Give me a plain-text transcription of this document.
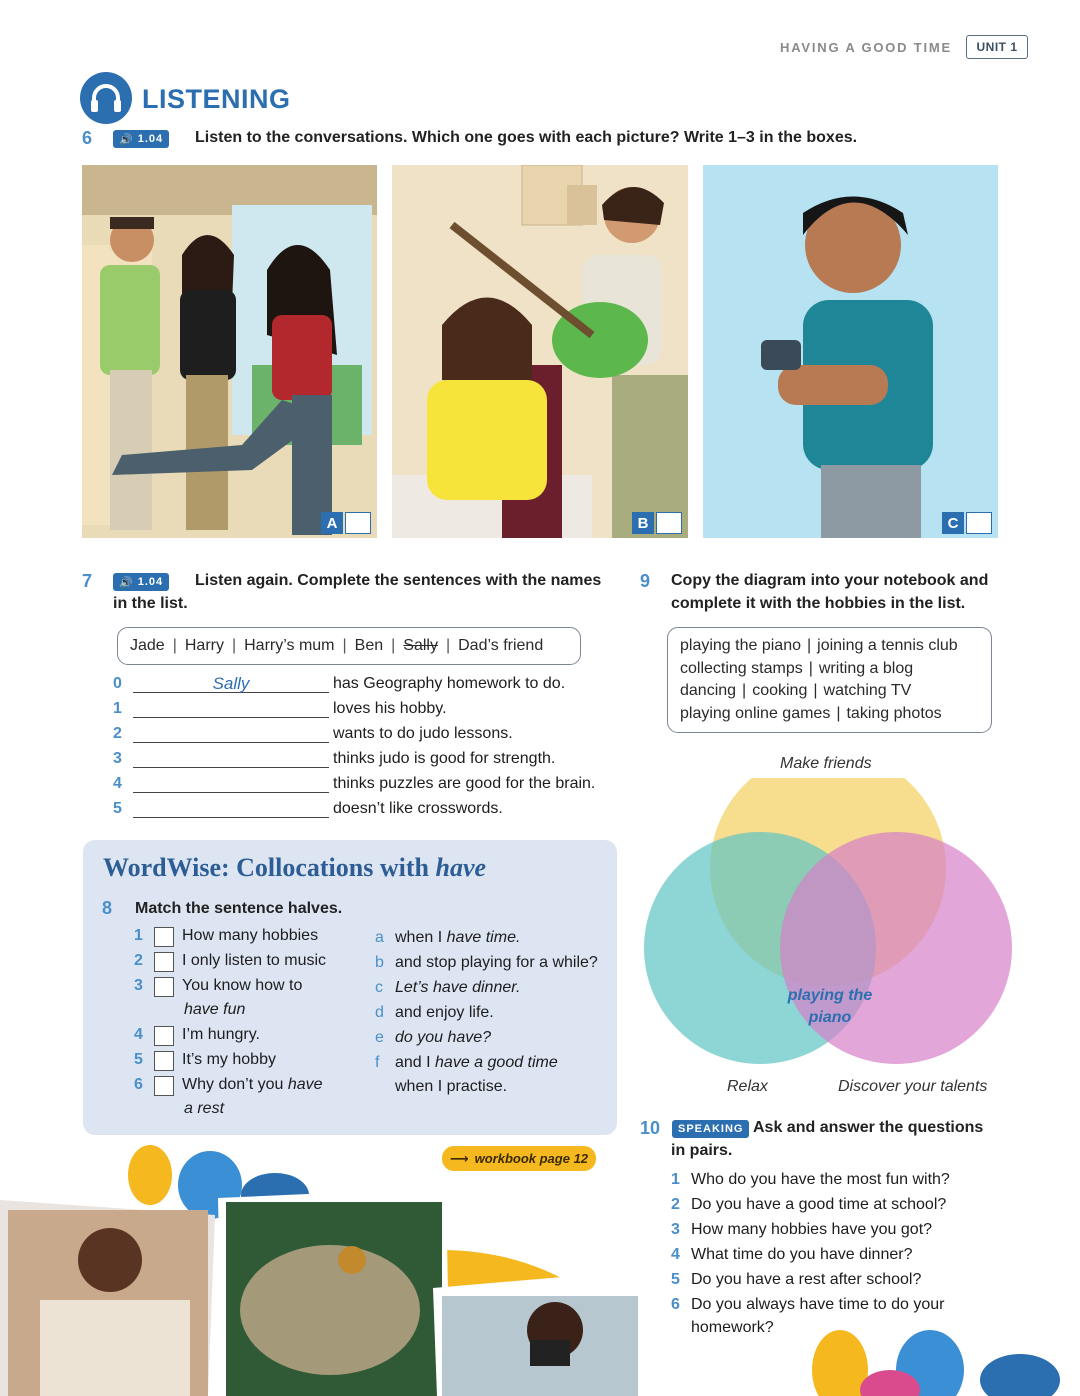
HAVING A GOOD TIME	UNIT 1
LISTENING
6 🔊 1.04 Listen to the conversations. Which one goes with each picture? Write 1–3 in the boxes.
A	B	C
7 🔊 1.04 Listen again. Complete the sentences with the names
in the list.
Jade | Harry | Harry’s mum | Ben | Sally | Dad’s friend
0	Sally	has Geography homework to do.
1	loves his hobby.
2	wants to do judo lessons.
3	thinks judo is good for strength.
4	thinks puzzles are good for the brain.
5	doesn’t like crosswords.
WordWise: Collocations with have
8 Match the sentence halves.
1	How many hobbies
2	I only listen to music
3	You know how to
have fun
4	I’m hungry.
5	It’s my hobby
6	Why don’t you have
a rest
a when I have time.
b and stop playing for a while?
c Let’s have dinner.
d and enjoy life.
e do you have?
f and I have a good time
when I practise.
⟶ workbook page 12
9 Copy the diagram into your notebook and
complete it with the hobbies in the list.
playing the piano | joining a tennis club
collecting stamps | writing a blog
dancing | cooking | watching TV
playing online games | taking photos
Make friends
playing the
piano
Relax	Discover your talents
10	SPEAKING Ask and answer the questions
in pairs.
1 Who do you have the most fun with?
2 Do you have a good time at school?
3 How many hobbies have you got?
4 What time do you have dinner?
5 Do you have a rest after school?
6 Do you always have time to do your
homework?
